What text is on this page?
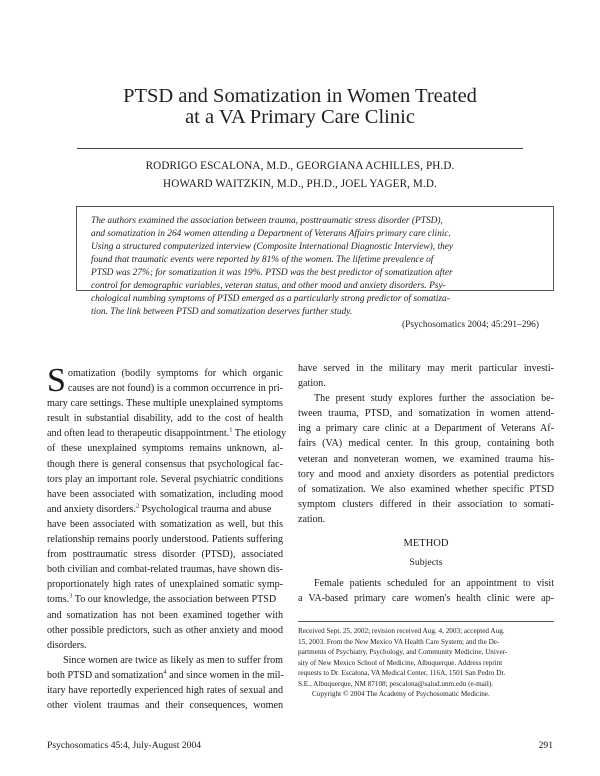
PTSD and Somatization in Women Treated
at a VA Primary Care Clinic
RODRIGO ESCALONA, M.D., GEORGIANA ACHILLES, PH.D.
HOWARD WAITZKIN, M.D., PH.D., JOEL YAGER, M.D.
The authors examined the association between trauma, posttraumatic stress disorder (PTSD),
and somatization in 264 women attending a Department of Veterans Affairs primary care clinic.
Using a structured computerized interview (Composite International Diagnostic Interview), they
found that traumatic events were reported by 81% of the women. The lifetime prevalence of
PTSD was 27%; for somatization it was 19%. PTSD was the best predictor of somatization after
control for demographic variables, veteran status, and other mood and anxiety disorders. Psy-
chological numbing symptoms of PTSD emerged as a particularly strong predictor of somatiza-
tion. The link between PTSD and somatization deserves further study.
(Psychosomatics 2004; 45:291–296)
S omatization (bodily symptoms for which organic
causes are not found) is a common occurrence in pri-
mary care settings. These multiple unexplained symptoms
result in substantial disability, add to the cost of health
and often lead to therapeutic disappointment.$^1$ The etiology
of these unexplained symptoms remains unknown, al-
though there is general consensus that psychological fac-
tors play an important role. Several psychiatric conditions
have been associated with somatization, including mood
and anxiety disorders.$^2$ Psychological trauma and abuse
have been associated with somatization as well, but this
relationship remains poorly understood. Patients suffering
from posttraumatic stress disorder (PTSD), associated
both civilian and combat-related traumas, have shown dis-
proportionately high rates of unexplained somatic symp-
toms.$^3$ To our knowledge, the association between PTSD
and somatization has not been examined together with
other possible predictors, such as other anxiety and mood
disorders.
Since women are twice as likely as men to suffer from
both PTSD and somatization$^4$ and since women in the mil-
itary have reportedly experienced high rates of sexual and
other violent traumas and their consequences, women
have served in the military may merit particular investi-
gation.
The present study explores further the association be-
tween trauma, PTSD, and somatization in women attend-
ing a primary care clinic at a Department of Veterans Af-
fairs (VA) medical center. In this group, containing both
veteran and nonveteran women, we examined trauma his-
tory and mood and anxiety disorders as potential predictors
of somatization. We also examined whether specific PTSD
symptom clusters differed in their association to somati-
zation.
METHOD
Subjects
Female patients scheduled for an appointment to visit
a VA-based primary care women's health clinic were ap-
Received Sept. 25, 2002; revision received Aug. 4, 2003; accepted Aug.
15, 2003. From the New Mexico VA Health Care System; and the De-
partments of Psychiatry, Psychology, and Community Medicine, Univer-
sity of New Mexico School of Medicine, Albuquerque. Address reprint
requests to Dr. Escalona, VA Medical Center, 116A, 1501 San Pedro Dr.
S.E., Albuquerque, NM 87108; pescalona@salud.unm.edu (e-mail).
Copyright © 2004 The Academy of Psychosomatic Medicine.
Psychosomatics 45:4, July-August 2004	291
